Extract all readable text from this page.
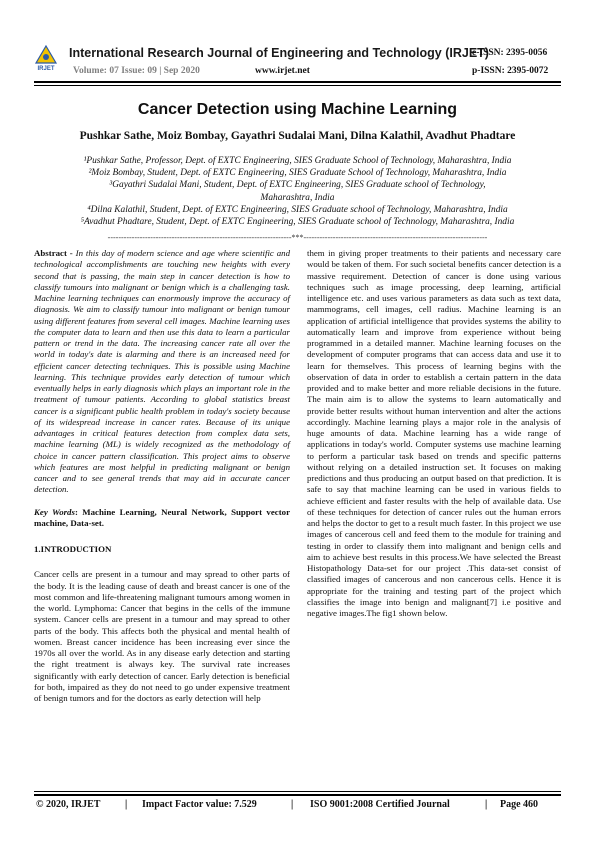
IRJET
International Research Journal of Engineering and Technology (IRJET)
e-ISSN: 2395-0056
Volume: 07 Issue: 09 | Sep 2020	www.irjet.net	p-ISSN: 2395-0072
Cancer Detection using Machine Learning
Pushkar Sathe, Moiz Bombay, Gayathri Sudalai Mani, Dilna Kalathil, Avadhut Phadtare

¹Pushkar Sathe, Professor, Dept. of EXTC Engineering, SIES Graduate School of Technology, Maharashtra, India

²Moiz Bombay, Student, Dept. of EXTC Engineering, SIES Graduate School of Technology, Maharashtra, India

³Gayathri Sudalai Mani, Student, Dept. of EXTC Engineering, SIES Graduate school of Technology,

Maharashtra, India

⁴Dilna Kalathil, Student, Dept. of EXTC Engineering, SIES Graduate school of Technology, Maharashtra, India

⁵Avadhut Phadtare, Student, Dept. of EXTC Engineering, SIES Graduate school of Technology, Maharashtra, India

---------------------------------------------------------------------***---------------------------------------------------------------------

Abstract - In this day of modern science and age where scientific and technological accomplishments are touching new heights with every second that is passing, the main step in cancer detection is how to classify tumours into malignant or benign which is a challenging task. Machine learning techniques can enormously improve the accuracy of diagnosis. We aim to classify tumour into malignant or benign tumour using different features from several cell images. Machine learning uses the computer data to learn and then use this data to learn a particular pattern or trend in the data. The increasing cancer rate all over the world in today's date is alarming and there is an increased need for efficient cancer detecting techniques. This is possible using Machine learning. This technique provides early detection of tumour which eventually helps in early diagnosis which plays an important role in the treatment of tumour patients. According to global statistics breast cancer is a significant public health problem in today's society because of its widespread increase in cancer rates. Because of its unique advantages in critical features detection from complex data sets, machine learning (ML) is widely recognized as the methodology of choice in cancer pattern classification. This project aims to observe which features are most helpful in predicting malignant or benign cancer and to see general trends that may aid in accurate cancer detection.

Key Words: Machine Learning, Neural Network, Support vector machine, Data-set.

1.INTRODUCTION

Cancer cells are present in a tumour and may spread to other parts of the body. It is the leading cause of death and breast cancer is one of the most common and life-threatening malignant tumours among women in the world. Lymphoma: Cancer that begins in the cells of the immune system. Cancer cells are present in a tumour and may spread to other parts of the body. This affects both the physical and mental health of women. Breast cancer incidence has been increasing ever since the 1970s all over the world. As in any disease early detection and starting the right treatment is always key. The survival rate increases significantly with early detection of cancer. Early detection is beneficial for both, impaired as they do not need to go under expensive treatment of benign tumors and for the doctors as early detection will help

them in giving proper treatments to their patients and necessary care would be taken of them. For such societal benefits cancer detection is a massive requirement. Detection of cancer is done using various techniques such as image processing, deep learning, artificial intelligence etc. and uses various parameters as data such as text data, mammograms, cell images, cell radius. Machine learning is an application of artificial intelligence that provides systems the ability to automatically learn and improve from experience without being programmed in a detailed manner. Machine learning focuses on the development of computer programs that can access data and use it to learn for themselves. This process of learning begins with the observation of data in order to establish a certain pattern in the data provided and to make better and more reliable decisions in the future. The main aim is to allow the systems to learn automatically and provide better results without human intervention and alter the actions accordingly. Machine learning plays a major role in the analysis of huge amounts of data. Machine learning has a wide range of applications in today's world. Computer systems use machine learning to perform a particular task based on trends and specific patterns without relying on a detailed instruction set. It focuses on making predictions and thus producing an output based on that prediction. It is safe to say that machine learning can be used in various fields to achieve efficient and faster results with the help of available data. Use of these techniques for detection of cancer rules out the human errors and helps the doctor to get to a result much faster. In this project we use images of cancerous cell and feed them to the module for training and testing in order to classify them into malignant and benign cells and aim to achieve best results in this process.We have selected the Breast Histopathology Data-set for our project .This data-set consist of classified images of cancerous and non cancerous cells. Hence it is appropriate for the training and testing part of the project which classifies the image into benign and malignant[7] i.e positive and negative images.The fig1 shown below.

© 2020, IRJET | Impact Factor value: 7.529	| ISO 9001:2008 Certified Journal	| Page 460
